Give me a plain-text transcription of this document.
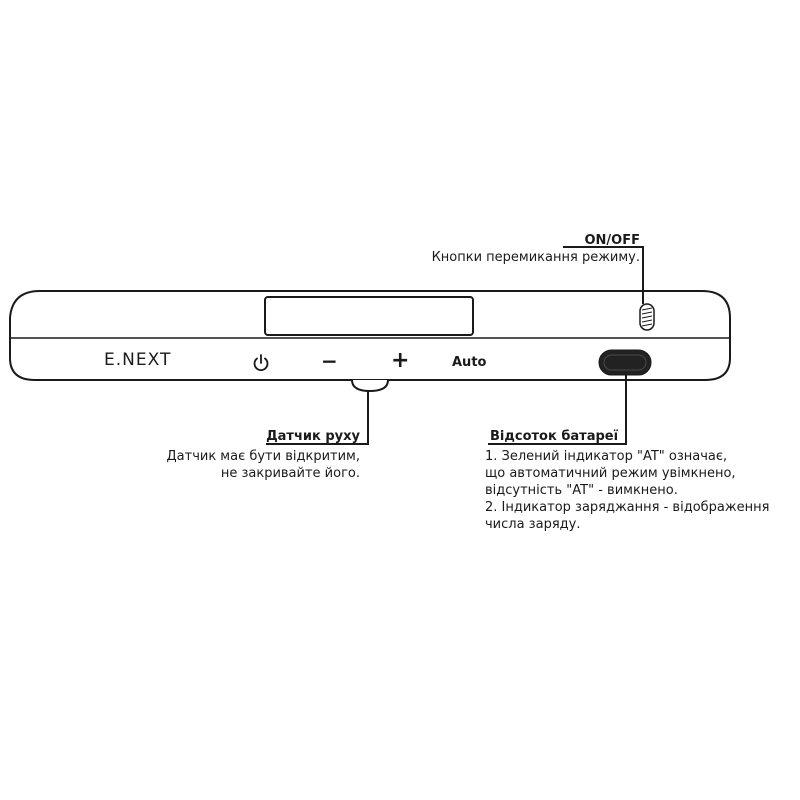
E.NEXT	− +	Auto
ON/OFF
Кнопки перемикання режиму.
Датчик руху
Датчик має бути відкритим,
не закривайте його.
Відсоток батареї
1. Зелений індикатор "AT" означає,
що автоматичний режим увімкнено,
відсутність "AT" - вимкнено.
2. Індикатор заряджання - відображення
числа заряду.
